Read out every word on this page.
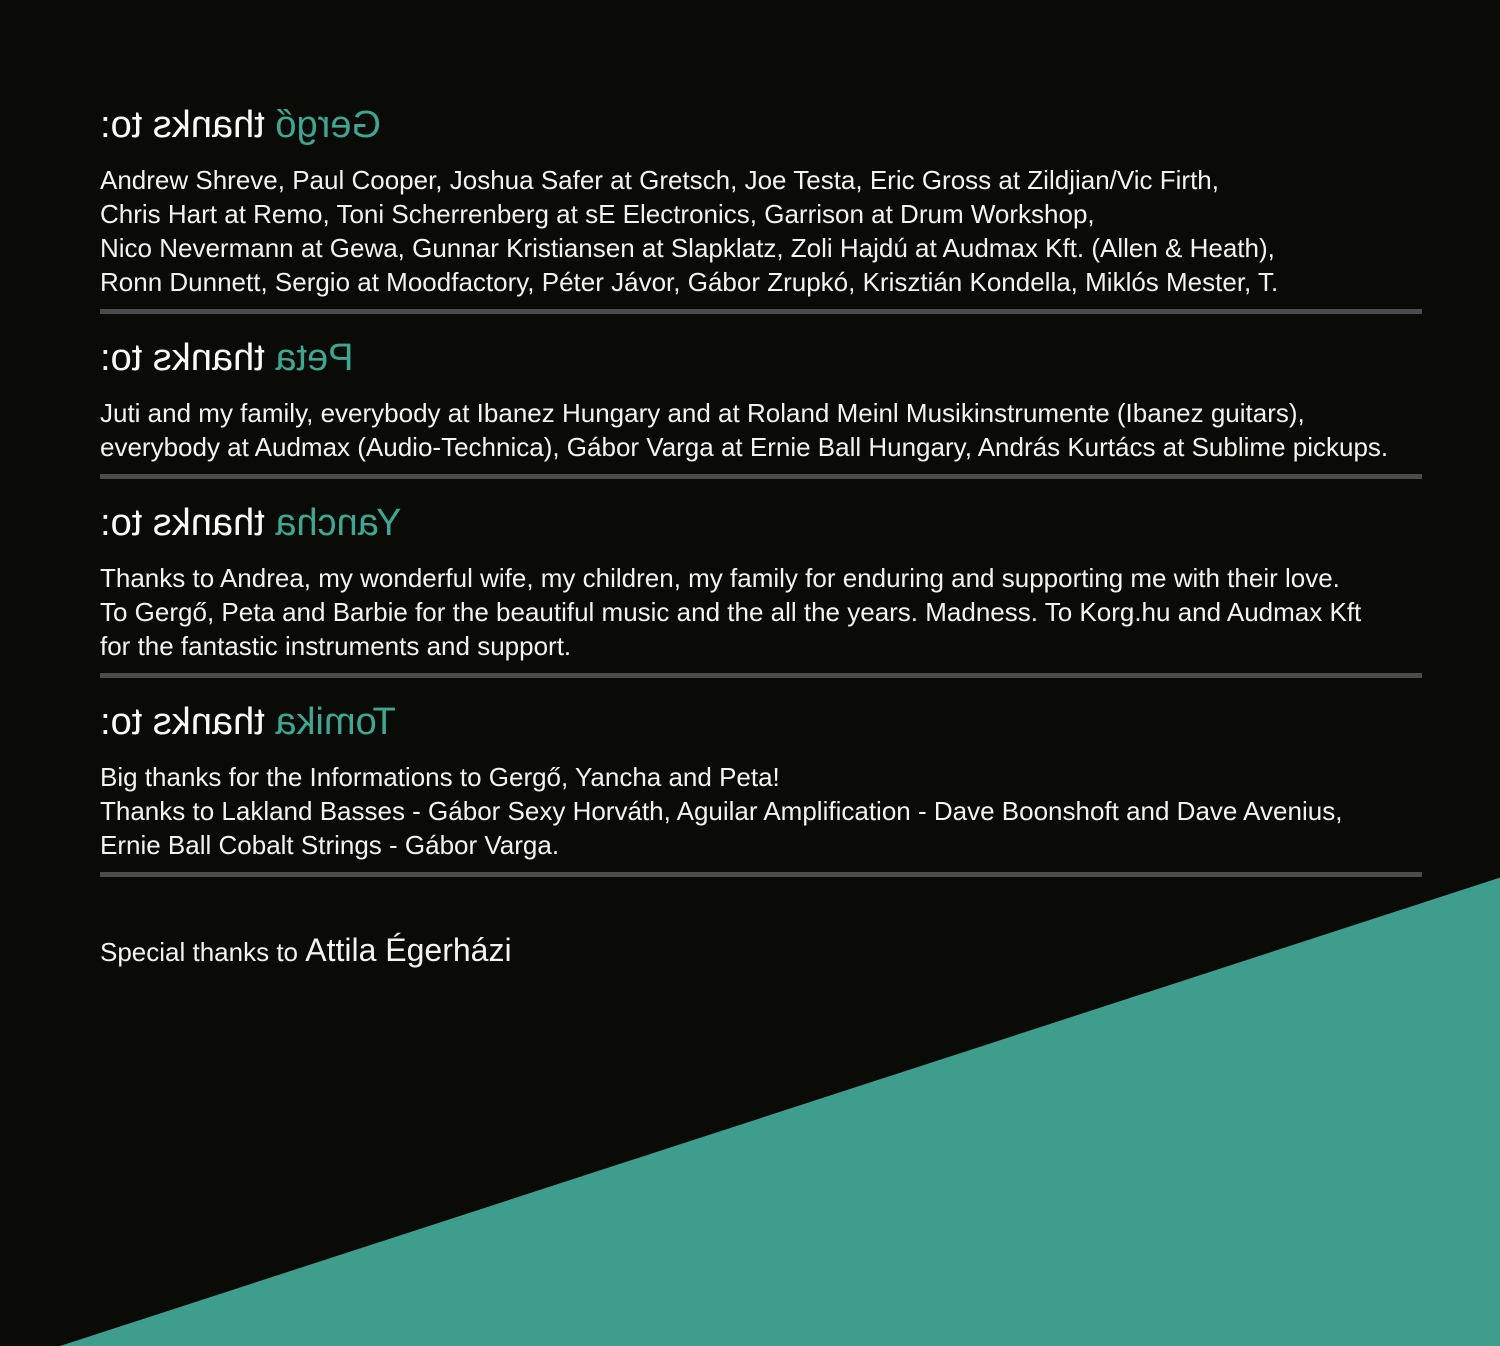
Gergő thanks to:
Andrew Shreve, Paul Cooper, Joshua Safer at Gretsch, Joe Testa, Eric Gross at Zildjian/Vic Firth,
Chris Hart at Remo, Toni Scherrenberg at sE Electronics, Garrison at Drum Workshop,
Nico Nevermann at Gewa, Gunnar Kristiansen at Slapklatz, Zoli Hajdú at Audmax Kft. (Allen & Heath),
Ronn Dunnett, Sergio at Moodfactory, Péter Jávor, Gábor Zrupkó, Krisztián Kondella, Miklós Mester, T.
Peta thanks to:
Juti and my family, everybody at Ibanez Hungary and at Roland Meinl Musikinstrumente (Ibanez guitars),
everybody at Audmax (Audio-Technica), Gábor Varga at Ernie Ball Hungary, András Kurtács at Sublime pickups.
Yancha thanks to:
Thanks to Andrea, my wonderful wife, my children, my family for enduring and supporting me with their love.
To Gergő, Peta and Barbie for the beautiful music and the all the years. Madness. To Korg.hu and Audmax Kft
for the fantastic instruments and support.
Tomika thanks to:
Big thanks for the Informations to Gergő, Yancha and Peta!
Thanks to Lakland Basses - Gábor Sexy Horváth, Aguilar Amplification - Dave Boonshoft and Dave Avenius,
Ernie Ball Cobalt Strings - Gábor Varga.
Special thanks to Attila Égerházi
